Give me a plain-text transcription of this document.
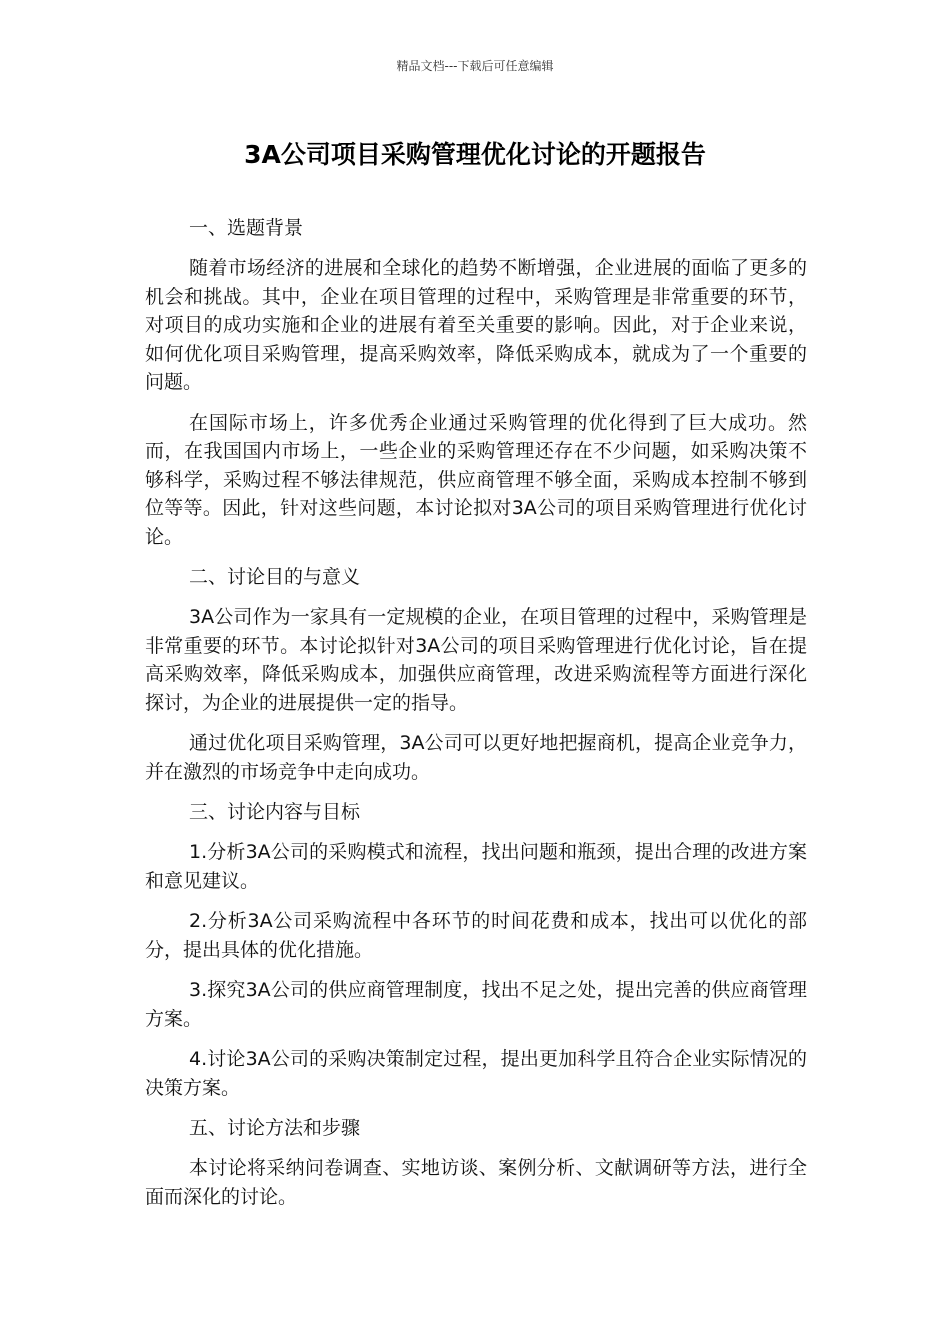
精品文档---下载后可任意编辑
3A公司项目采购管理优化讨论的开题报告

一、选题背景

随着市场经济的进展和全球化的趋势不断增强，企业进展的面临了更多的机会和挑战。其中，企业在项目管理的过程中，采购管理是非常重要的环节，对项目的成功实施和企业的进展有着至关重要的影响。因此，对于企业来说，如何优化项目采购管理，提高采购效率，降低采购成本，就成为了一个重要的问题。

在国际市场上，许多优秀企业通过采购管理的优化得到了巨大成功。然而，在我国国内市场上，一些企业的采购管理还存在不少问题，如采购决策不够科学，采购过程不够法律规范，供应商管理不够全面，采购成本控制不够到位等等。因此，针对这些问题，本讨论拟对3A公司的项目采购管理进行优化讨论。

二、讨论目的与意义

3A公司作为一家具有一定规模的企业，在项目管理的过程中，采购管理是非常重要的环节。本讨论拟针对3A公司的项目采购管理进行优化讨论，旨在提高采购效率，降低采购成本，加强供应商管理，改进采购流程等方面进行深化探讨，为企业的进展提供一定的指导。

通过优化项目采购管理，3A公司可以更好地把握商机，提高企业竞争力，并在激烈的市场竞争中走向成功。

三、讨论内容与目标

1.分析3A公司的采购模式和流程，找出问题和瓶颈，提出合理的改进方案和意见建议。

2.分析3A公司采购流程中各环节的时间花费和成本，找出可以优化的部分，提出具体的优化措施。

3.探究3A公司的供应商管理制度，找出不足之处，提出完善的供应商管理方案。

4.讨论3A公司的采购决策制定过程，提出更加科学且符合企业实际情况的决策方案。

五、讨论方法和步骤

本讨论将采纳问卷调查、实地访谈、案例分析、文献调研等方法，进行全面而深化的讨论。
